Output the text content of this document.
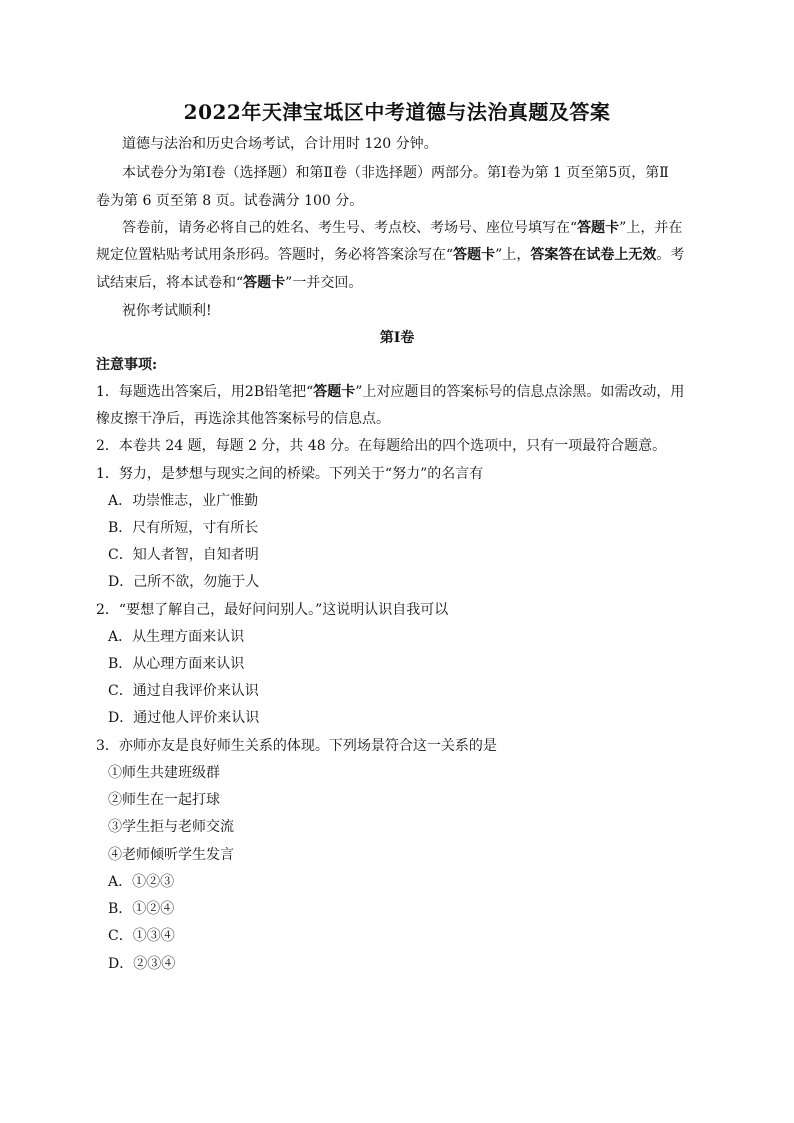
2022年天津宝坻区中考道德与法治真题及答案
道德与法治和历史合场考试，合计用时 120 分钟。
本试卷分为第Ⅰ卷（选择题）和第Ⅱ卷（非选择题）两部分。第Ⅰ卷为第 1 页至第5页，第Ⅱ
卷为第 6 页至第 8 页。试卷满分 100 分。
答卷前，请务必将自己的姓名、考生号、考点校、考场号、座位号填写在“答题卡”上，并在
规定位置粘贴考试用条形码。答题时，务必将答案涂写在“答题卡”上，答案答在试卷上无效。考
试结束后，将本试卷和“答题卡”一并交回。
祝你考试顺利!
第Ⅰ卷
注意事项:
1．每题选出答案后，用2B铅笔把“答题卡”上对应题目的答案标号的信息点涂黑。如需改动，用
橡皮擦干净后，再选涂其他答案标号的信息点。
2．本卷共 24 题，每题 2 分，共 48 分。在每题给出的四个选项中，只有一项最符合题意。
1．努力，是梦想与现实之间的桥梁。下列关于“努力”的名言有
A．功崇惟志，业广惟勤
B．尺有所短，寸有所长
C．知人者智，自知者明
D．己所不欲，勿施于人
2．“要想了解自己，最好问问别人。”这说明认识自我可以
A．从生理方面来认识
B．从心理方面来认识
C．通过自我评价来认识
D．通过他人评价来认识
3．亦师亦友是良好师生关系的体现。下列场景符合这一关系的是
①师生共建班级群
②师生在一起打球
③学生拒与老师交流
④老师倾听学生发言
A．①②③
B．①②④
C．①③④
D．②③④
